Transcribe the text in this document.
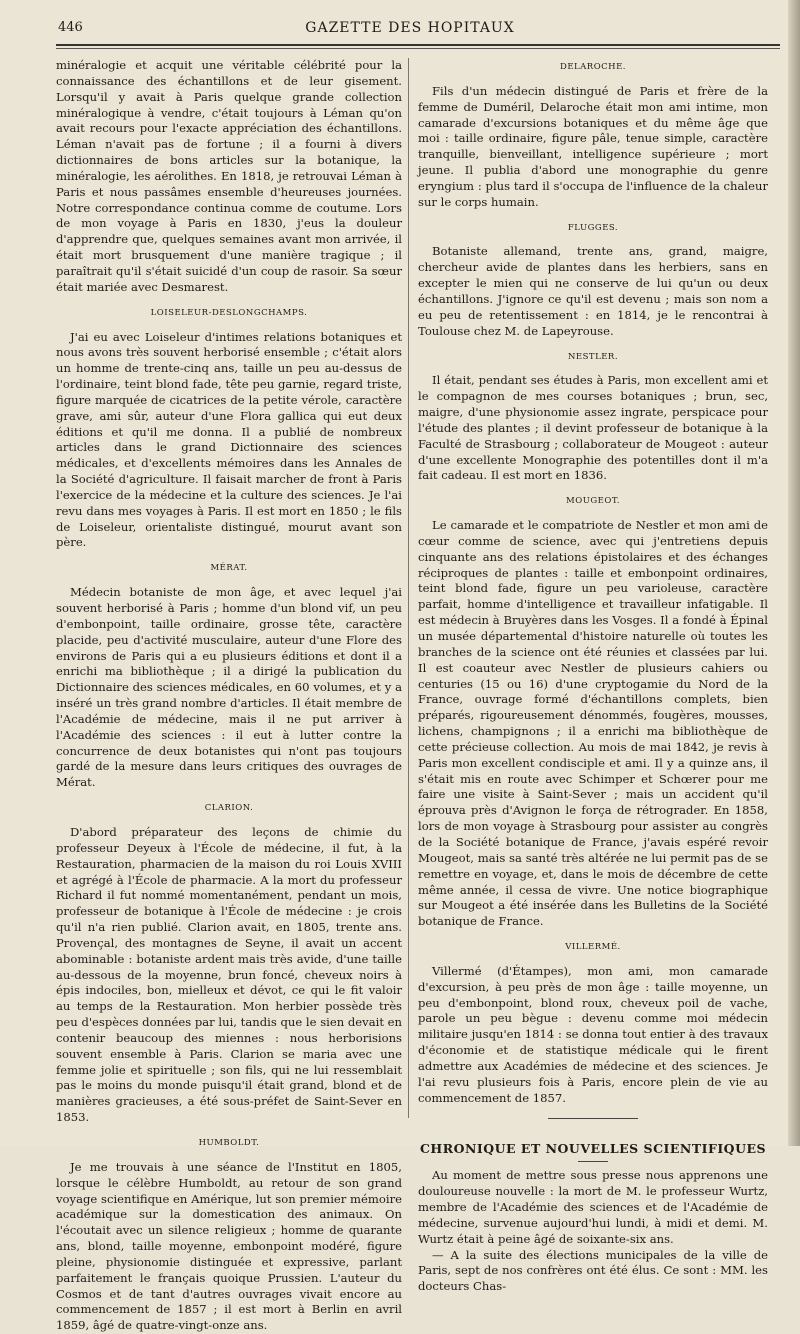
446	GAZETTE DES HOPITAUX

minéralogie et acquit une véritable célébrité pour la connaissance des échantillons et de leur gisement. Lorsqu'il y avait à Paris quelque grande collection minéralogique à vendre, c'était toujours à Léman qu'on avait recours pour l'exacte appréciation des échantillons. Léman n'avait pas de fortune ; il a fourni à divers dictionnaires de bons articles sur la botanique, la minéralogie, les aérolithes. En 1818, je retrouvai Léman à Paris et nous passâmes ensemble d'heureuses journées. Notre correspondance continua comme de coutume. Lors de mon voyage à Paris en 1830, j'eus la douleur d'apprendre que, quelques semaines avant mon arrivée, il était mort brusquement d'une manière tragique ; il paraîtrait qu'il s'était suicidé d'un coup de rasoir. Sa sœur était mariée avec Desmarest.

LOISELEUR-DESLONGCHAMPS.

J'ai eu avec Loiseleur d'intimes relations botaniques et nous avons très souvent herborisé ensemble ; c'était alors un homme de trente-cinq ans, taille un peu au-dessus de l'ordinaire, teint blond fade, tête peu garnie, regard triste, figure marquée de cicatrices de la petite vérole, caractère grave, ami sûr, auteur d'une Flora gallica qui eut deux éditions et qu'il me donna. Il a publié de nombreux articles dans le grand Dictionnaire des sciences médicales, et d'excellents mémoires dans les Annales de la Société d'agriculture. Il faisait marcher de front à Paris l'exercice de la médecine et la culture des sciences. Je l'ai revu dans mes voyages à Paris. Il est mort en 1850 ; le fils de Loiseleur, orientaliste distingué, mourut avant son père.

MÉRAT.

Médecin botaniste de mon âge, et avec lequel j'ai souvent herborisé à Paris ; homme d'un blond vif, un peu d'embonpoint, taille ordinaire, grosse tête, caractère placide, peu d'activité musculaire, auteur d'une Flore des environs de Paris qui a eu plusieurs éditions et dont il a enrichi ma bibliothèque ; il a dirigé la publication du Dictionnaire des sciences médicales, en 60 volumes, et y a inséré un très grand nombre d'articles. Il était membre de l'Académie de médecine, mais il ne put arriver à l'Académie des sciences : il eut à lutter contre la concurrence de deux botanistes qui n'ont pas toujours gardé de la mesure dans leurs critiques des ouvrages de Mérat.

CLARION.

D'abord préparateur des leçons de chimie du professeur Deyeux à l'École de médecine, il fut, à la Restauration, pharmacien de la maison du roi Louis XVIII et agrégé à l'École de pharmacie. A la mort du professeur Richard il fut nommé momentanément, pendant un mois, professeur de botanique à l'École de médecine : je crois qu'il n'a rien publié. Clarion avait, en 1805, trente ans. Provençal, des montagnes de Seyne, il avait un accent abominable : botaniste ardent mais très avide, d'une taille au-dessous de la moyenne, brun foncé, cheveux noirs à épis indociles, bon, mielleux et dévot, ce qui le fit valoir au temps de la Restauration. Mon herbier possède très peu d'espèces données par lui, tandis que le sien devait en contenir beaucoup des miennes : nous herborisions souvent ensemble à Paris. Clarion se maria avec une femme jolie et spirituelle ; son fils, qui ne lui ressemblait pas le moins du monde puisqu'il était grand, blond et de manières gracieuses, a été sous-préfet de Saint-Sever en 1853.

HUMBOLDT.

Je me trouvais à une séance de l'Institut en 1805, lorsque le célèbre Humboldt, au retour de son grand voyage scientifique en Amérique, lut son premier mémoire académique sur la domestication des animaux. On l'écoutait avec un silence religieux ; homme de quarante ans, blond, taille moyenne, embonpoint modéré, figure pleine, physionomie distinguée et expressive, parlant parfaitement le français quoique Prussien. L'auteur du Cosmos et de tant d'autres ouvrages vivait encore au commencement de 1857 ; il est mort à Berlin en avril 1859, âgé de quatre-vingt-onze ans.

DELAROCHE.

Fils d'un médecin distingué de Paris et frère de la femme de Duméril, Delaroche était mon ami intime, mon camarade d'excursions botaniques et du même âge que moi : taille ordinaire, figure pâle, tenue simple, caractère tranquille, bienveillant, intelligence supérieure ; mort jeune. Il publia d'abord une monographie du genre eryngium : plus tard il s'occupa de l'influence de la chaleur sur le corps humain.

FLUGGES.

Botaniste allemand, trente ans, grand, maigre, chercheur avide de plantes dans les herbiers, sans en excepter le mien qui ne conserve de lui qu'un ou deux échantillons. J'ignore ce qu'il est devenu ; mais son nom a eu peu de retentissement : en 1814, je le rencontrai à Toulouse chez M. de Lapeyrouse.

NESTLER.

Il était, pendant ses études à Paris, mon excellent ami et le compagnon de mes courses botaniques ; brun, sec, maigre, d'une physionomie assez ingrate, perspicace pour l'étude des plantes ; il devint professeur de botanique à la Faculté de Strasbourg ; collaborateur de Mougeot : auteur d'une excellente Monographie des potentilles dont il m'a fait cadeau. Il est mort en 1836.

MOUGEOT.

Le camarade et le compatriote de Nestler et mon ami de cœur comme de science, avec qui j'entretiens depuis cinquante ans des relations épistolaires et des échanges réciproques de plantes : taille et embonpoint ordinaires, teint blond fade, figure un peu varioleuse, caractère parfait, homme d'intelligence et travailleur infatigable. Il est médecin à Bruyères dans les Vosges. Il a fondé à Épinal un musée départemental d'histoire naturelle où toutes les branches de la science ont été réunies et classées par lui. Il est coauteur avec Nestler de plusieurs cahiers ou centuries (15 ou 16) d'une cryptogamie du Nord de la France, ouvrage formé d'échantillons complets, bien préparés, rigoureusement dénommés, fougères, mousses, lichens, champignons ; il a enrichi ma bibliothèque de cette précieuse collection. Au mois de mai 1842, je revis à Paris mon excellent condisciple et ami. Il y a quinze ans, il s'était mis en route avec Schimper et Schœrer pour me faire une visite à Saint-Sever ; mais un accident qu'il éprouva près d'Avignon le força de rétrograder. En 1858, lors de mon voyage à Strasbourg pour assister au congrès de la Société botanique de France, j'avais espéré revoir Mougeot, mais sa santé très altérée ne lui permit pas de se remettre en voyage, et, dans le mois de décembre de cette même année, il cessa de vivre. Une notice biographique sur Mougeot a été insérée dans les Bulletins de la Société botanique de France.

VILLERMÉ.

Villermé (d'Étampes), mon ami, mon camarade d'excursion, à peu près de mon âge : taille moyenne, un peu d'embonpoint, blond roux, cheveux poil de vache, parole un peu bègue : devenu comme moi médecin militaire jusqu'en 1814 : se donna tout entier à des travaux d'économie et de statistique médicale qui le firent admettre aux Académies de médecine et des sciences. Je l'ai revu plusieurs fois à Paris, encore plein de vie au commencement de 1857.

CHRONIQUE ET NOUVELLES SCIENTIFIQUES

Au moment de mettre sous presse nous apprenons une douloureuse nouvelle : la mort de M. le professeur Wurtz, membre de l'Académie des sciences et de l'Académie de médecine, survenue aujourd'hui lundi, à midi et demi. M. Wurtz était à peine âgé de soixante-six ans.

— A la suite des élections municipales de la ville de Paris, sept de nos confrères ont été élus. Ce sont : MM. les docteurs Chas-
